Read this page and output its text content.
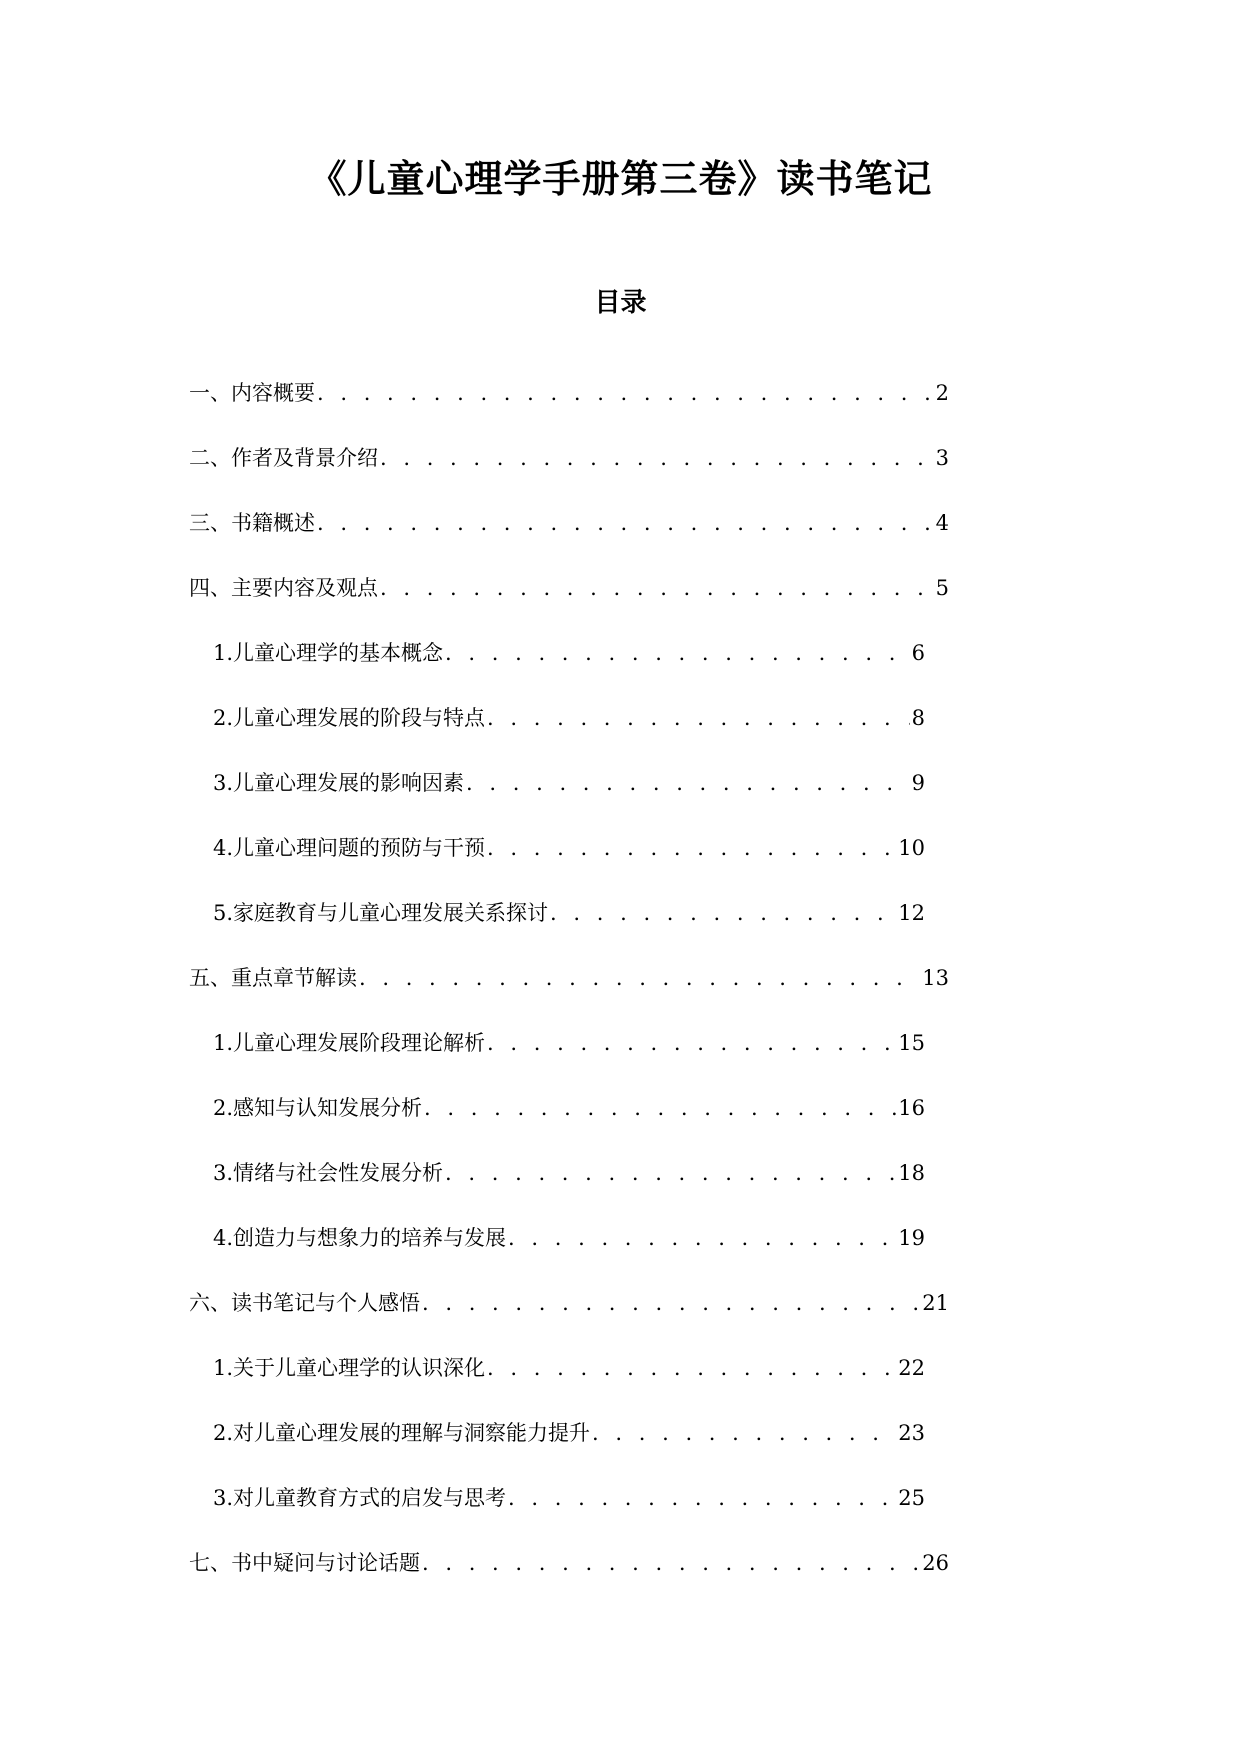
《儿童心理学手册第三卷》读书笔记
目录
一、内容概要 . . .	2
二、作者及背景介绍 . . .	3
三、书籍概述 . . .	4
四、主要内容及观点 . . .	5
1. 儿童心理学的基本概念 . . .	6
2. 儿童心理发展的阶段与特点 . . .	8
3. 儿童心理发展的影响因素 . . .	9
4. 儿童心理问题的预防与干预 . . .	10
5. 家庭教育与儿童心理发展关系探讨 . . .	12
五、重点章节解读 . . .	13
1. 儿童心理发展阶段理论解析 . . .	15
2. 感知与认知发展分析 . . .	16
3. 情绪与社会性发展分析 . . .	18
4. 创造力与想象力的培养与发展 . . .	19
六、读书笔记与个人感悟 . . .	21
1. 关于儿童心理学的认识深化 . . .	22
2. 对儿童心理发展的理解与洞察能力提升 . . .	23
3. 对儿童教育方式的启发与思考 . . .	25
七、书中疑问与讨论话题 . . .	26
